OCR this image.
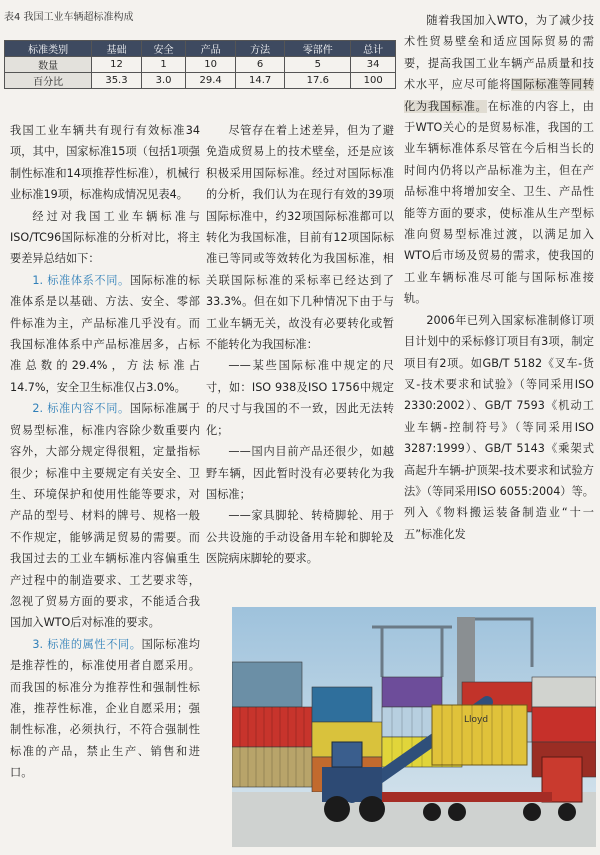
表4 我国工业车辆超标准构成
标准类别	基础	安全	产品	方法	零部件	总计
数量	12	1	10	6	5	34
百分比	35.3	3.0	29.4	14.7	17.6	100

我国工业车辆共有现行有效标准34项，其中，国家标准15项（包括1项强制性标准和14项推荐性标准），机械行业标准19项，标准构成情况见表4。

经过对我国工业车辆标准与ISO/TC96国际标准的分析对比，将主要差异总结如下：

1. 标准体系不同。国际标准的标准体系是以基础、方法、安全、零部件标准为主，产品标准几乎没有。而我国标准体系中产品标准居多，占标准总数的29.4%，方法标准占14.7%，安全卫生标准仅占3.0%。

2. 标准内容不同。国际标准属于贸易型标准，标准内容除少数重要内容外，大部分规定得很粗，定量指标很少；标准中主要规定有关安全、卫生、环境保护和使用性能等要求，对产品的型号、材料的牌号、规格一般不作规定，能够满足贸易的需要。而我国过去的工业车辆标准内容偏重生产过程中的制造要求、工艺要求等，忽视了贸易方面的要求，不能适合我国加入WTO后对标准的要求。

3. 标准的属性不同。国际标准均是推荐性的，标准使用者自愿采用。而我国的标准分为推荐性和强制性标准，推荐性标准，企业自愿采用；强制性标准，必须执行，不符合强制性标准的产品，禁止生产、销售和进口。

尽管存在着上述差异，但为了避免造成贸易上的技术壁垒，还是应该积极采用国际标准。经过对国际标准的分析，我们认为在现行有效的39项国际标准中，约32项国际标准都可以转化为我国标准，目前有12项国际标准已等同或等效转化为我国标准，相关联国际标准的采标率已经达到了33.3%。但在如下几种情况下由于与工业车辆无关，故没有必要转化或暂不能转化为我国标准：

——某些国际标准中规定的尺寸，如：ISO 938及ISO 1756中规定的尺寸与我国的不一致，因此无法转化；

——国内目前产品还很少，如越野车辆，因此暂时没有必要转化为我国标准；

——家具脚轮、转椅脚轮、用于公共设施的手动设备用车轮和脚轮及医院病床脚轮的要求。

随着我国加入WTO，为了减少技术性贸易壁垒和适应国际贸易的需要，提高我国工业车辆产品质量和技术水平，应尽可能将国际标准等同转化为我国标准。在标准的内容上，由于WTO关心的是贸易标准，我国的工业车辆标准体系尽管在今后相当长的时间内仍将以产品标准为主，但在产品标准中将增加安全、卫生、产品性能等方面的要求，使标准从生产型标准向贸易型标准过渡，以满足加入WTO后市场及贸易的需求，使我国的工业车辆标准尽可能与国际标准接轨。

2006年已列入国家标准制修订项目计划中的采标修订项目有3项，制定项目有2项。如GB/T 5182《叉车-货叉-技术要求和试验》（等同采用ISO 2330:2002）、GB/T 7593《机动工业车辆-控制符号》（等同采用ISO 3287:1999）、GB/T 5143《乘架式高起升车辆-护顶架-技术要求和试验方法》（等同采用ISO 6055:2004）等。列入《物料搬运装备制造业“十一五”标准化发

Lloyd
